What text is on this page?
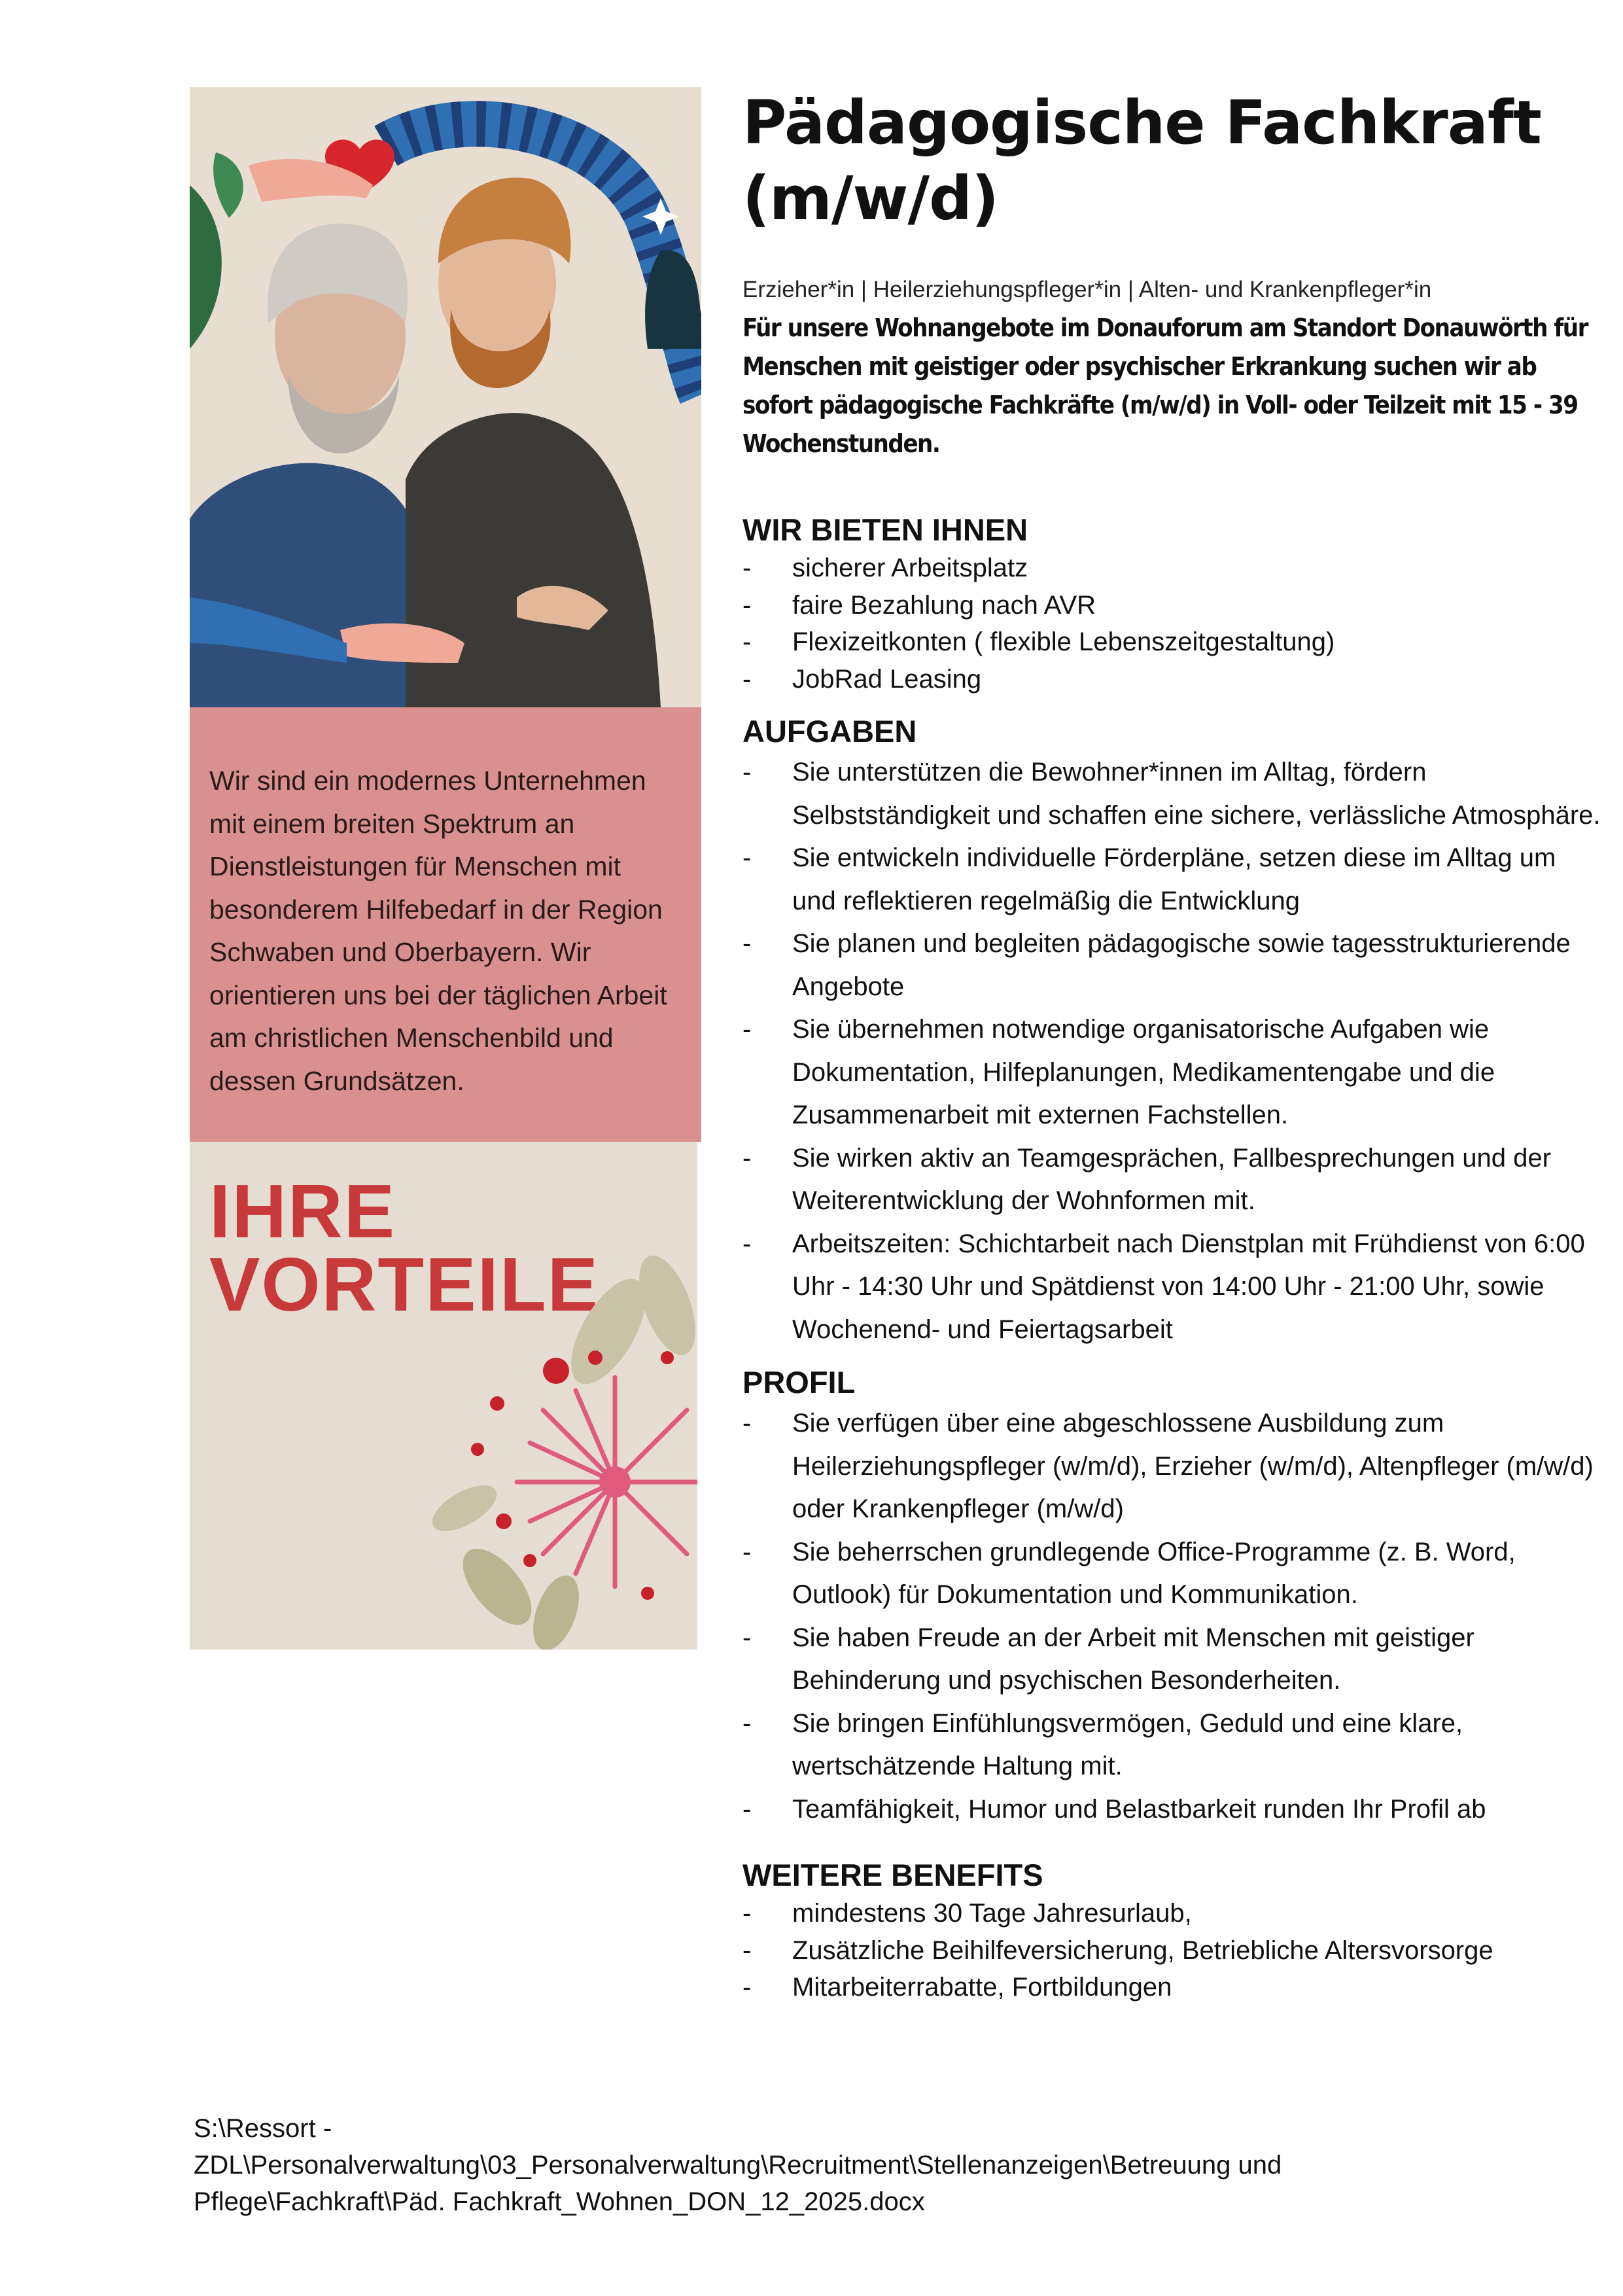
Wir sind ein modernes Unternehmen mit einem breiten Spektrum an Dienstleistungen für Menschen mit besonderem Hilfebedarf in der Region Schwaben und Oberbayern. Wir orientieren uns bei der täglichen Arbeit am christlichen Menschenbild und dessen Grundsätzen.
IHRE
VORTEILE
Pädagogische Fachkraft
(m/w/d)
Erzieher*in | Heilerziehungspfleger*in | Alten- und Krankenpfleger*in
Für unsere Wohnangebote im Donauforum am Standort Donauwörth für Menschen mit geistiger oder psychischer Erkrankung suchen wir ab sofort pädagogische Fachkräfte (m/w/d) in Voll- oder Teilzeit mit 15 - 39 Wochenstunden.
WIR BIETEN IHNEN
- sicherer Arbeitsplatz
- faire Bezahlung nach AVR
- Flexizeitkonten ( flexible Lebenszeitgestaltung)
- JobRad Leasing
AUFGABEN
- Sie unterstützen die Bewohner*innen im Alltag, fördern Selbstständigkeit und schaffen eine sichere, verlässliche Atmosphäre.
- Sie entwickeln individuelle Förderpläne, setzen diese im Alltag um und reflektieren regelmäßig die Entwicklung
- Sie planen und begleiten pädagogische sowie tagesstrukturierende Angebote
- Sie übernehmen notwendige organisatorische Aufgaben wie Dokumentation, Hilfeplanungen, Medikamentengabe und die Zusammenarbeit mit externen Fachstellen.
- Sie wirken aktiv an Teamgesprächen, Fallbesprechungen und der Weiterentwicklung der Wohnformen mit.
- Arbeitszeiten: Schichtarbeit nach Dienstplan mit Frühdienst von 6:00 Uhr - 14:30 Uhr und Spätdienst von 14:00 Uhr - 21:00 Uhr, sowie Wochenend- und Feiertagsarbeit
PROFIL
- Sie verfügen über eine abgeschlossene Ausbildung zum Heilerziehungspfleger (w/m/d), Erzieher (w/m/d), Altenpfleger (m/w/d) oder Krankenpfleger (m/w/d)
- Sie beherrschen grundlegende Office-Programme (z. B. Word, Outlook) für Dokumentation und Kommunikation.
- Sie haben Freude an der Arbeit mit Menschen mit geistiger Behinderung und psychischen Besonderheiten.
- Sie bringen Einfühlungsvermögen, Geduld und eine klare, wertschätzende Haltung mit.
- Teamfähigkeit, Humor und Belastbarkeit runden Ihr Profil ab
WEITERE BENEFITS
- mindestens 30 Tage Jahresurlaub,
- Zusätzliche Beihilfeversicherung, Betriebliche Altersvorsorge
- Mitarbeiterrabatte, Fortbildungen
S:\Ressort -
ZDL\Personalverwaltung\03_Personalverwaltung\Recruitment\Stellenanzeigen\Betreuung und
Pflege\Fachkraft\Päd. Fachkraft_Wohnen_DON_12_2025.docx
